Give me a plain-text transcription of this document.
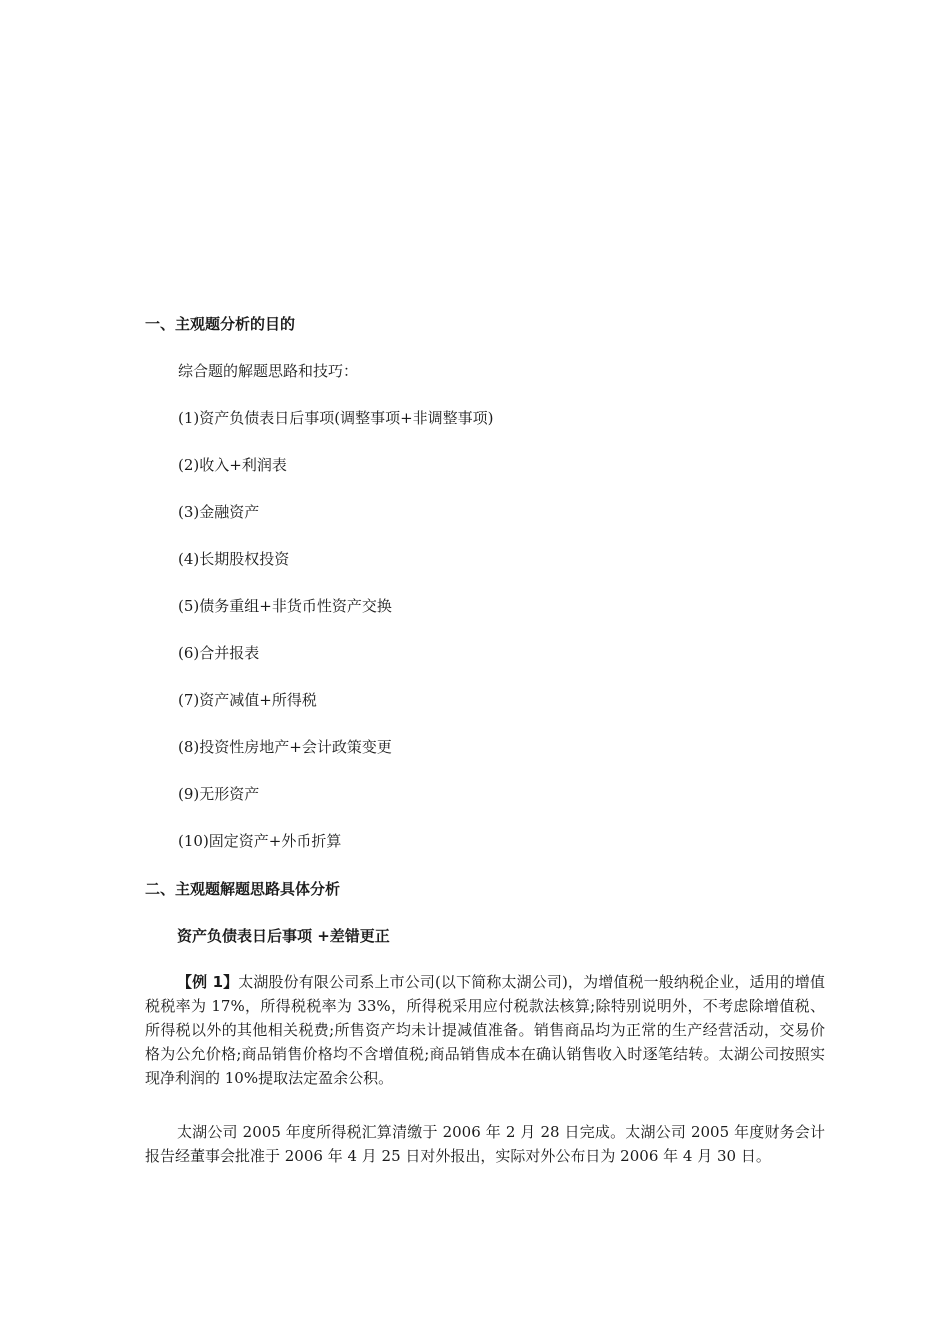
一、主观题分析的目的
综合题的解题思路和技巧：
(1)资产负债表日后事项(调整事项+非调整事项)
(2)收入+利润表
(3)金融资产
(4)长期股权投资
(5)债务重组+非货币性资产交换
(6)合并报表
(7)资产减值+所得税
(8)投资性房地产+会计政策变更
(9)无形资产
(10)固定资产+外币折算
二、主观题解题思路具体分析
资产负债表日后事项 +差错更正

【例 1】太湖股份有限公司系上市公司(以下简称太湖公司)，为增值税一般纳税企业，适用的增值税税率为 17%，所得税税率为 33%，所得税采用应付税款法核算;除特别说明外，不考虑除增值税、所得税以外的其他相关税费;所售资产均未计提减值准备。销售商品均为正常的生产经营活动，交易价格为公允价格;商品销售价格均不含增值税;商品销售成本在确认销售收入时逐笔结转。太湖公司按照实现净利润的 10%提取法定盈余公积。

太湖公司 2005 年度所得税汇算清缴于 2006 年 2 月 28 日完成。太湖公司 2005 年度财务会计报告经董事会批准于 2006 年 4 月 25 日对外报出，实际对外公布日为 2006 年 4 月 30 日。
